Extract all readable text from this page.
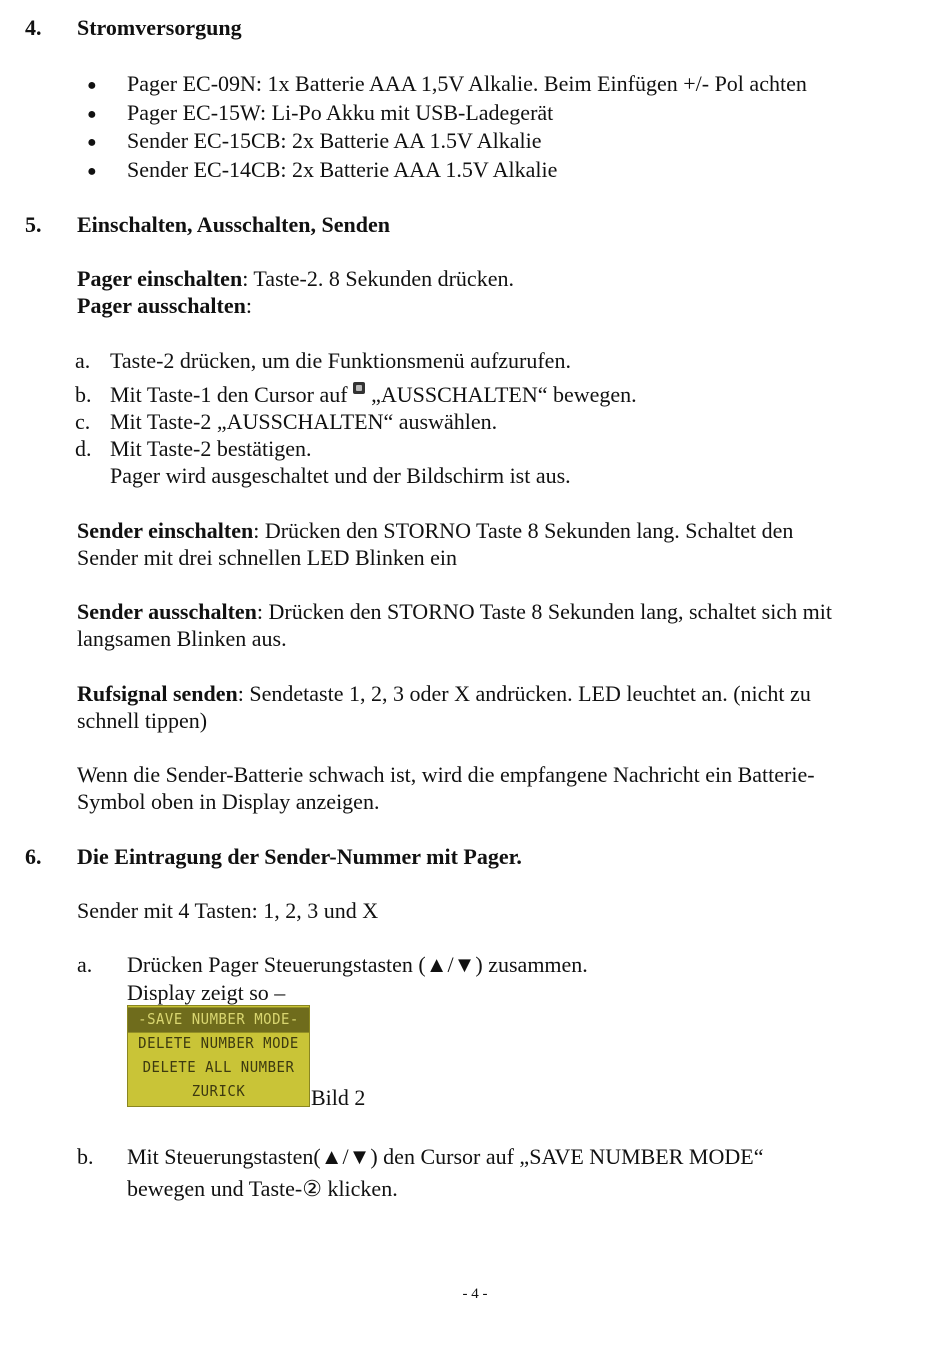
4. Stromversorgung
● Pager EC-09N: 1x Batterie AAA 1,5V Alkalie. Beim Einfügen +/- Pol achten
● Pager EC-15W: Li-Po Akku mit USB-Ladegerät
● Sender EC-15CB: 2x Batterie AA 1.5V Alkalie
● Sender EC-14CB: 2x Batterie AAA 1.5V Alkalie
5. Einschalten, Ausschalten, Senden
Pager einschalten: Taste-2. 8 Sekunden drücken.
Pager ausschalten:
a. Taste-2 drücken, um die Funktionsmenü aufzurufen.
b. Mit Taste-1 den Cursor auf „AUSSCHALTEN“ bewegen.
c. Mit Taste-2 „AUSSCHALTEN“ auswählen.
d. Mit Taste-2 bestätigen.
Pager wird ausgeschaltet und der Bildschirm ist aus.
Sender einschalten: Drücken den STORNO Taste 8 Sekunden lang. Schaltet den
Sender mit drei schnellen LED Blinken ein
Sender ausschalten: Drücken den STORNO Taste 8 Sekunden lang, schaltet sich mit
langsamen Blinken aus.
Rufsignal senden: Sendetaste 1, 2, 3 oder X andrücken. LED leuchtet an. (nicht zu
schnell tippen)
Wenn die Sender-Batterie schwach ist, wird die empfangene Nachricht ein Batterie-
Symbol oben in Display anzeigen.
6. Die Eintragung der Sender-Nummer mit Pager.
Sender mit 4 Tasten: 1, 2, 3 und X
a. Drücken Pager Steuerungstasten (▲/▼) zusammen.
Display zeigt so –
-SAVE NUMBER MODE-
DELETE NUMBER MODE
DELETE ALL NUMBER
ZURICK	Bild 2
b. Mit Steuerungstasten(▲/▼) den Cursor auf „SAVE NUMBER MODE“
bewegen und Taste-② klicken.
- 4 -
